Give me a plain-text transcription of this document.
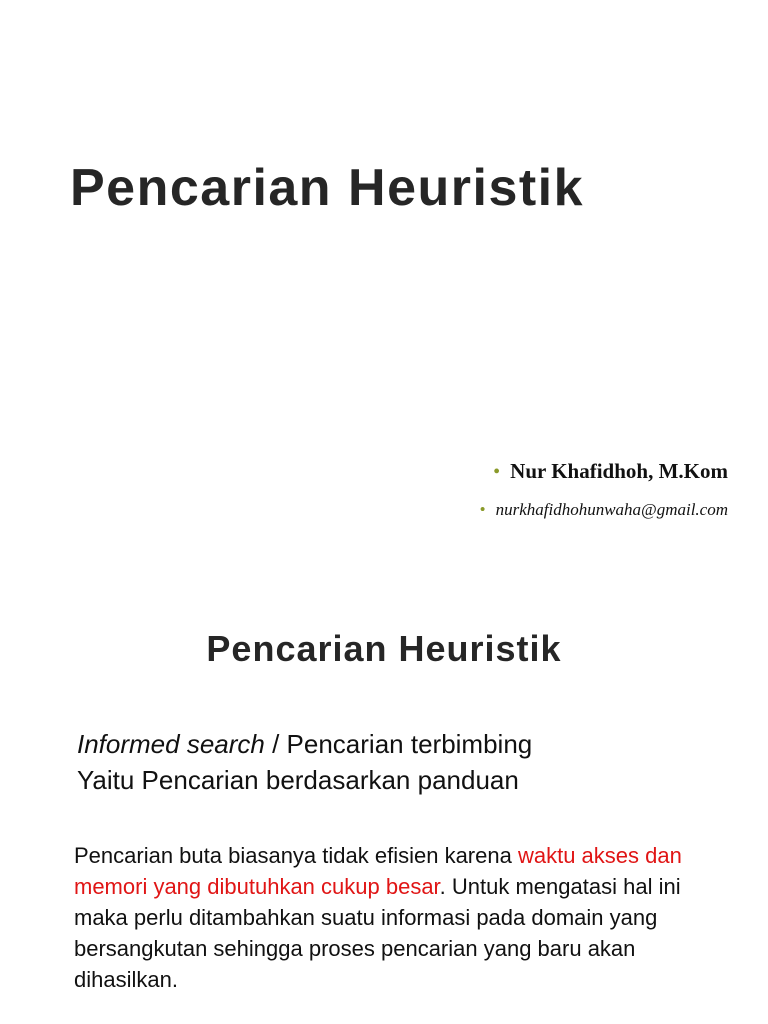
Pencarian Heuristik
• Nur Khafidhoh, M.Kom
• nurkhafidhohunwaha@gmail.com
Pencarian Heuristik
Informed search / Pencarian terbimbing
Yaitu Pencarian berdasarkan panduan

Pencarian buta biasanya tidak efisien karena waktu akses dan memori yang dibutuhkan cukup besar. Untuk mengatasi hal ini maka perlu ditambahkan suatu informasi pada domain yang bersangkutan sehingga proses pencarian yang baru akan dihasilkan.
